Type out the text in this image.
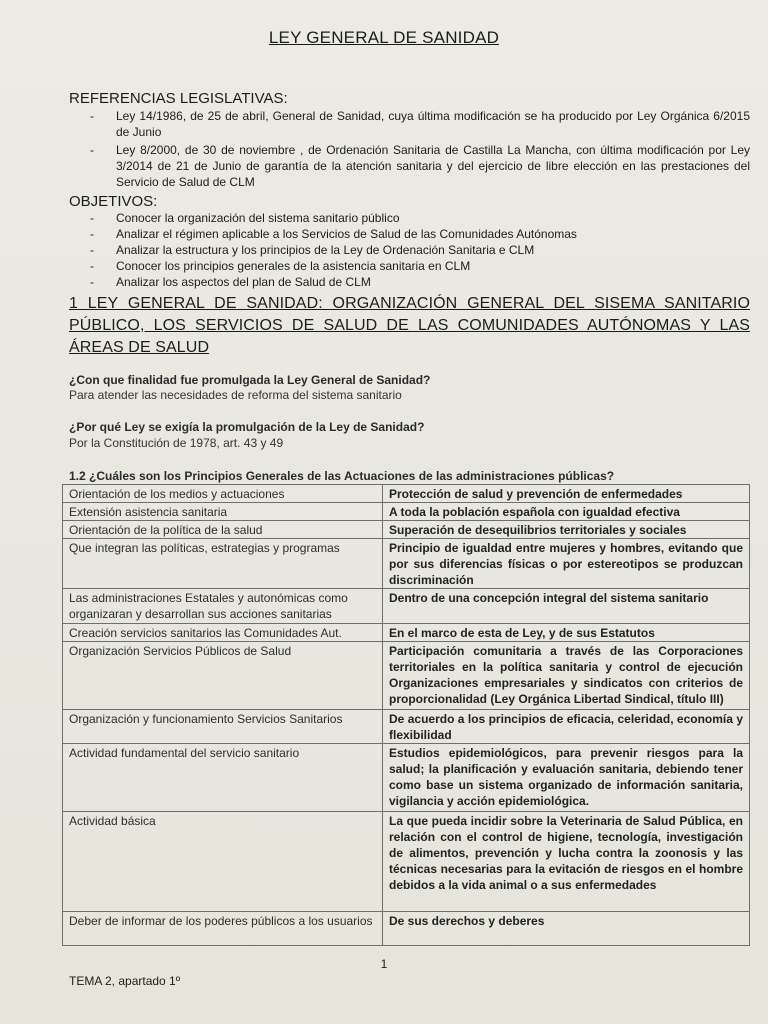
LEY GENERAL DE SANIDAD
REFERENCIAS LEGISLATIVAS:
- Ley 14/1986, de 25 de abril, General de Sanidad, cuya última modificación se ha producido por Ley Orgánica 6/2015 de Junio
- Ley 8/2000, de 30 de noviembre , de Ordenación Sanitaria de Castilla La Mancha, con última modificación por Ley 3/2014 de 21 de Junio de garantía de la atención sanitaria y del ejercicio de libre elección en las prestaciones del Servicio de Salud de CLM
OBJETIVOS:
- Conocer la organización del sistema sanitario público
- Analizar el régimen aplicable a los Servicios de Salud de las Comunidades Autónomas
- Analizar la estructura y los principios de la Ley de Ordenación Sanitaria e CLM
- Conocer los principios generales de la asistencia sanitaria en CLM
- Analizar los aspectos del plan de Salud de CLM
1 LEY GENERAL DE SANIDAD: ORGANIZACIÓN GENERAL DEL SISEMA SANITARIO PÚBLICO, LOS SERVICIOS DE SALUD DE LAS COMUNIDADES AUTÓNOMAS Y LAS ÁREAS DE SALUD
¿Con que finalidad fue promulgada la Ley General de Sanidad?
Para atender las necesidades de reforma del sistema sanitario
¿Por qué Ley se exigía la promulgación de la Ley de Sanidad?
Por la Constitución de 1978, art. 43 y 49
1.2 ¿Cuáles son los Principios Generales de las Actuaciones de las administraciones públicas?
Orientación de los medios y actuaciones	Protección de salud y prevención de enfermedades
Extensión asistencia sanitaria	A toda la población española con igualdad efectiva
Orientación de la política de la salud	Superación de desequilibrios territoriales y sociales
Que integran las políticas, estrategias y programas	Principio de igualdad entre mujeres y hombres, evitando que por sus diferencias físicas o por estereotipos se produzcan discriminación
Las administraciones Estatales y autonómicas como organizaran y desarrollan sus acciones sanitarias	Dentro de una concepción integral del sistema sanitario
Creación servicios sanitarios las Comunidades Aut.	En el marco de esta de Ley, y de sus Estatutos
Organización Servicios Públicos de Salud	Participación comunitaria a través de las Corporaciones territoriales en la política sanitaria y control de ejecución Organizaciones empresariales y sindicatos con criterios de proporcionalidad (Ley Orgánica Libertad Sindical, título III)
Organización y funcionamiento Servicios Sanitarios	De acuerdo a los principios de eficacia, celeridad, economía y flexibilidad
Actividad fundamental del servicio sanitario	Estudios epidemiológicos, para prevenir riesgos para la salud; la planificación y evaluación sanitaria, debiendo tener como base un sistema organizado de información sanitaria, vigilancia y acción epidemiológica.
Actividad básica	La que pueda incidir sobre la Veterinaria de Salud Pública, en relación con el control de higiene, tecnología, investigación de alimentos, prevención y lucha contra la zoonosis y las técnicas necesarias para la evitación de riesgos en el hombre debidos a la vida animal o a sus enfermedades
Deber de informar de los poderes públicos a los usuarios	De sus derechos y deberes
1
TEMA 2, apartado 1º
